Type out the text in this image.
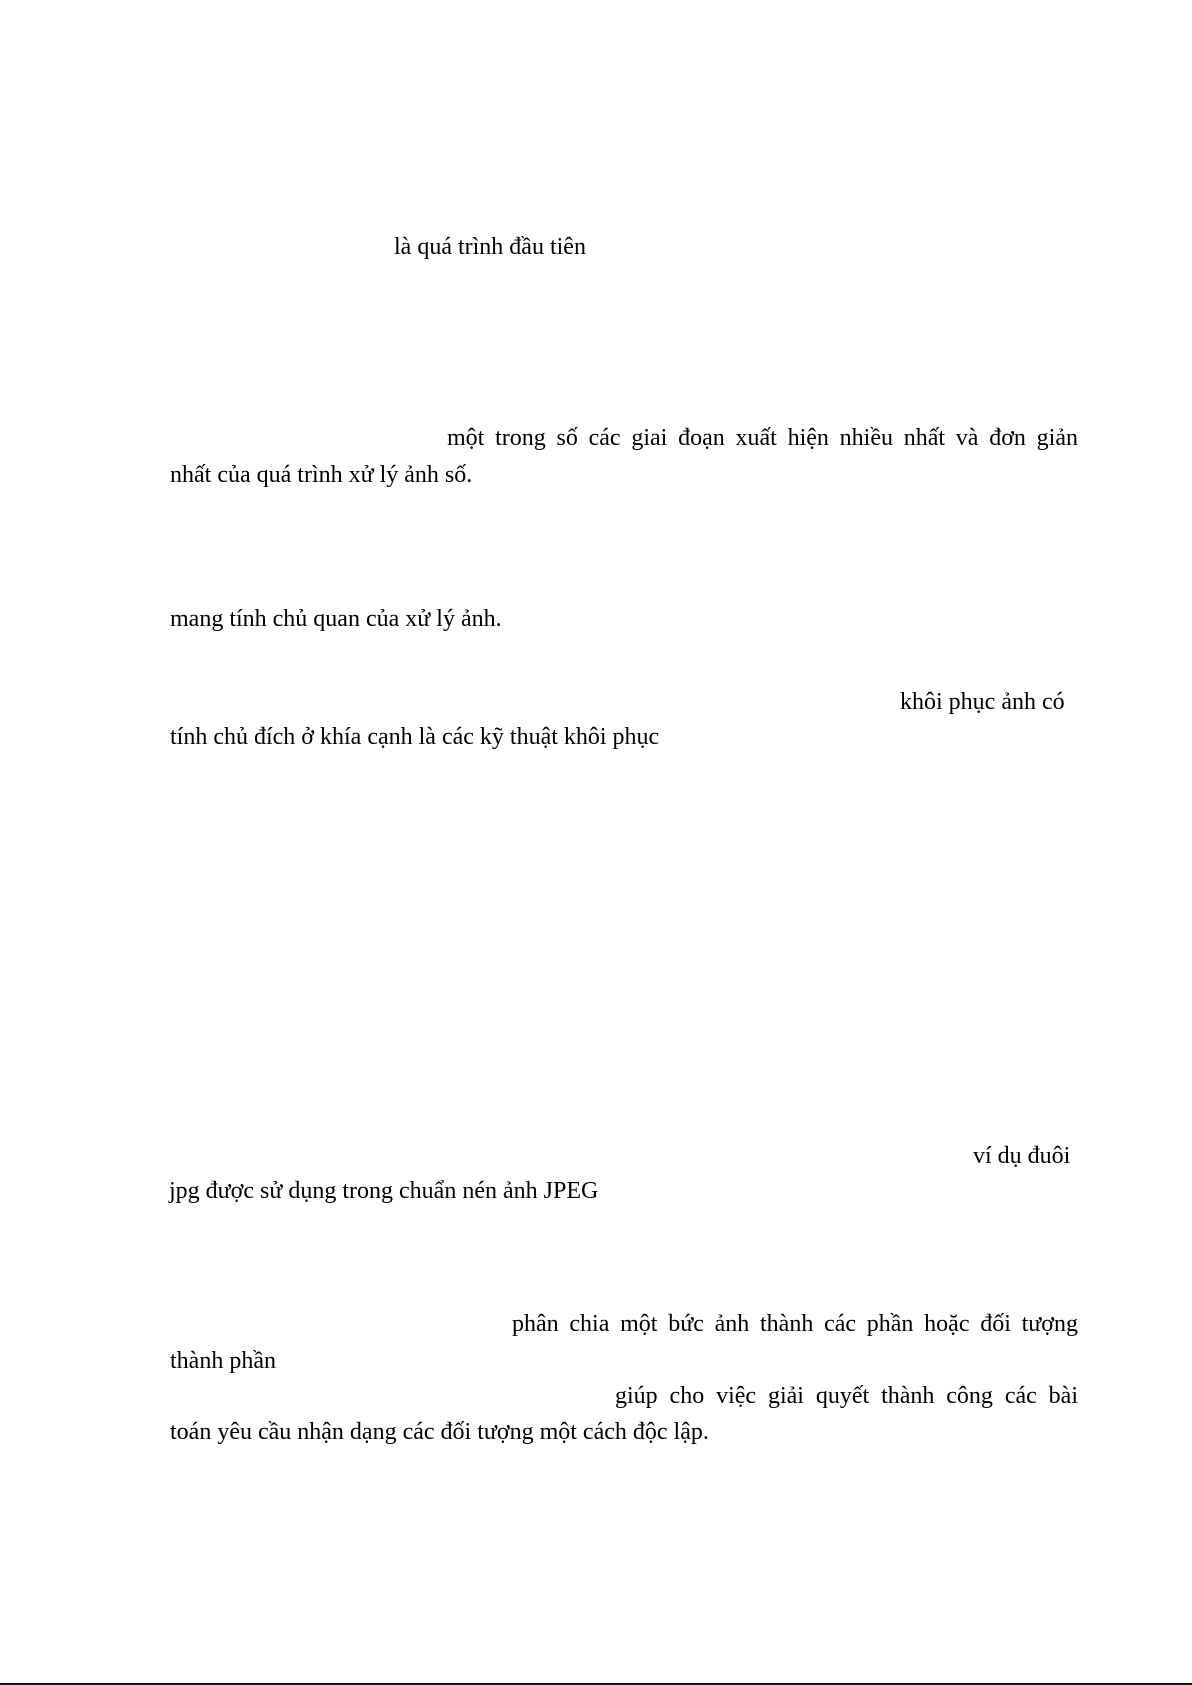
là quá trình đầu tiên
một trong số các giai đoạn xuất hiện nhiều nhất và đơn giản
nhất của quá trình xử lý ảnh số.
mang tính chủ quan của xử lý ảnh.
khôi phục ảnh có
tính chủ đích ở khía cạnh là các kỹ thuật khôi phục
ví dụ đuôi
jpg được sử dụng trong chuẩn nén ảnh JPEG
phân chia một bức ảnh thành các phần hoặc đối tượng
thành phần
giúp cho việc giải quyết thành công các bài
toán yêu cầu nhận dạng các đối tượng một cách độc lập.
